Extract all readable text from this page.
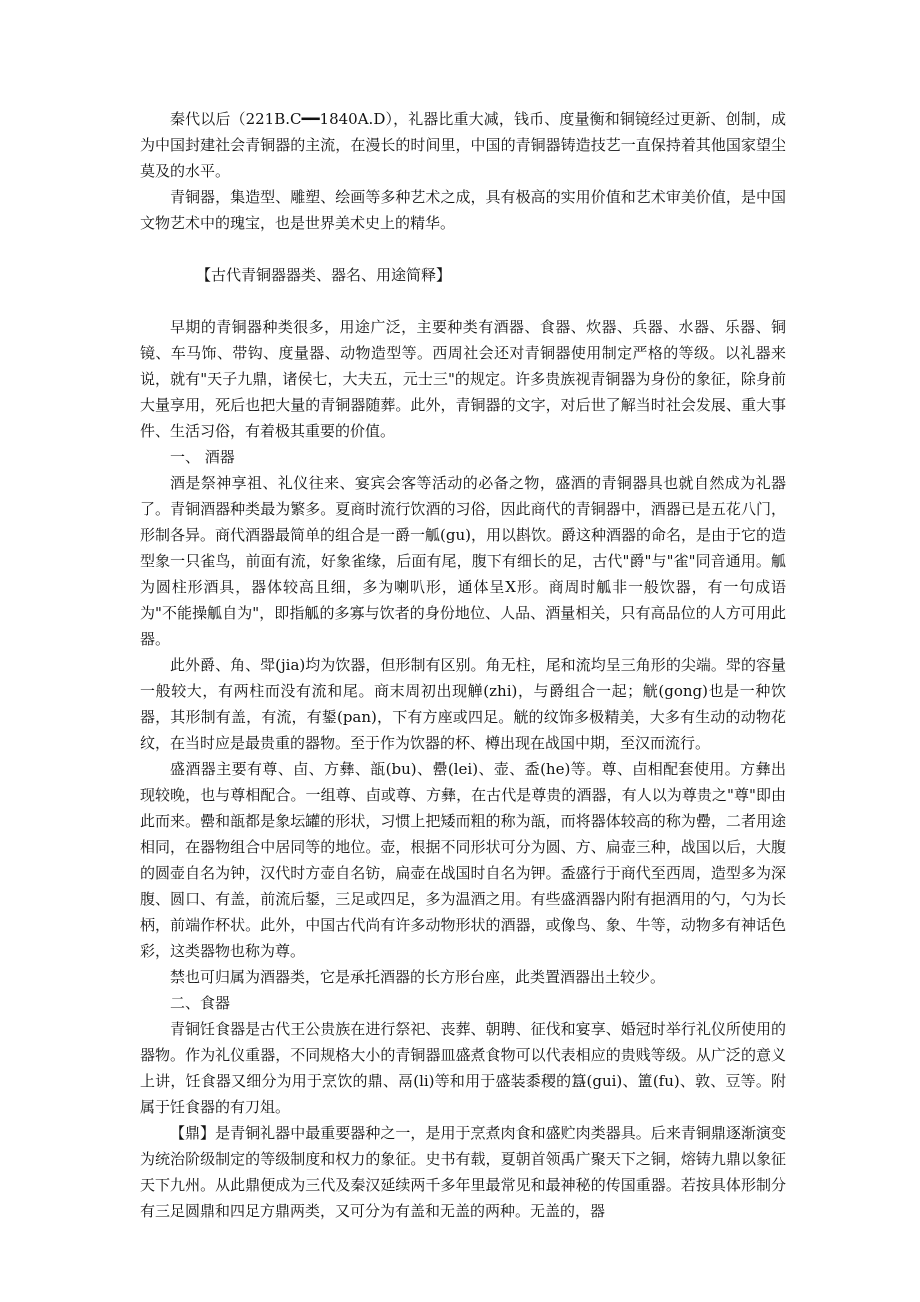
秦代以后（221B.C━━1840A.D），礼器比重大减，钱币、度量衡和铜镜经过更新、创制，成为中国封建社会青铜器的主流，在漫长的时间里，中国的青铜器铸造技艺一直保持着其他国家望尘莫及的水平。

青铜器，集造型、雕塑、绘画等多种艺术之成，具有极高的实用价值和艺术审美价值，是中国文物艺术中的瑰宝，也是世界美术史上的精华。

【古代青铜器器类、器名、用途简释】

早期的青铜器种类很多，用途广泛，主要种类有酒器、食器、炊器、兵器、水器、乐器、铜镜、车马饰、带钩、度量器、动物造型等。西周社会还对青铜器使用制定严格的等级。以礼器来说，就有"天子九鼎，诸侯七，大夫五，元士三"的规定。许多贵族视青铜器为身份的象征，除身前大量享用，死后也把大量的青铜器随葬。此外，青铜器的文字，对后世了解当时社会发展、重大事件、生活习俗，有着极其重要的价值。

一、 酒器

酒是祭神享祖、礼仪往来、宴宾会客等活动的必备之物，盛酒的青铜器具也就自然成为礼器了。青铜酒器种类最为繁多。夏商时流行饮酒的习俗，因此商代的青铜器中，酒器已是五花八门，形制各异。商代酒器最简单的组合是一爵一觚(gu)，用以斟饮。爵这种酒器的命名，是由于它的造型象一只雀鸟，前面有流，好象雀缘，后面有尾，腹下有细长的足，古代"爵"与"雀"同音通用。觚为圆柱形酒具，器体较高且细，多为喇叭形，通体呈X形。商周时觚非一般饮器，有一句成语为"不能操觚自为"，即指觚的多寡与饮者的身份地位、人品、酒量相关，只有高品位的人方可用此器。

此外爵、角、斝(jia)均为饮器，但形制有区别。角无柱，尾和流均呈三角形的尖端。斝的容量一般较大，有两柱而没有流和尾。商末周初出现觯(zhi)，与爵组合一起；觥(gong)也是一种饮器，其形制有盖，有流，有鋬(pan)，下有方座或四足。觥的纹饰多极精美，大多有生动的动物花纹，在当时应是最贵重的器物。至于作为饮器的杯、樽出现在战国中期，至汉而流行。

盛酒器主要有尊、卣、方彝、瓿(bu)、罍(lei)、壶、盉(he)等。尊、卣相配套使用。方彝出现较晚，也与尊相配合。一组尊、卣或尊、方彝，在古代是尊贵的酒器，有人以为尊贵之"尊"即由此而来。罍和瓿都是象坛罐的形状，习惯上把矮而粗的称为瓿，而将器体较高的称为罍，二者用途相同，在器物组合中居同等的地位。壶，根据不同形状可分为圆、方、扁壶三种，战国以后，大腹的圆壶自名为钟，汉代时方壶自名钫，扁壶在战国时自名为钾。盉盛行于商代至西周，造型多为深腹、圆口、有盖，前流后鋬，三足或四足，多为温酒之用。有些盛酒器内附有挹酒用的勺，勺为长柄，前端作杯状。此外，中国古代尚有许多动物形状的酒器，或像鸟、象、牛等，动物多有神话色彩，这类器物也称为尊。

禁也可归属为酒器类，它是承托酒器的长方形台座，此类置酒器出土较少。

二、食器

青铜饪食器是古代王公贵族在进行祭祀、丧葬、朝聘、征伐和宴享、婚冠时举行礼仪所使用的器物。作为礼仪重器，不同规格大小的青铜器皿盛煮食物可以代表相应的贵贱等级。从广泛的意义上讲，饪食器又细分为用于烹饮的鼎、鬲(li)等和用于盛装黍稷的簋(gui)、簠(fu)、敦、豆等。附属于饪食器的有刀俎。

【鼎】是青铜礼器中最重要器种之一，是用于烹煮肉食和盛贮肉类器具。后来青铜鼎逐渐演变为统治阶级制定的等级制度和权力的象征。史书有载，夏朝首领禹广聚天下之铜，熔铸九鼎以象征天下九州。从此鼎便成为三代及秦汉延续两千多年里最常见和最神秘的传国重器。若按具体形制分有三足圆鼎和四足方鼎两类，又可分为有盖和无盖的两种。无盖的，器
